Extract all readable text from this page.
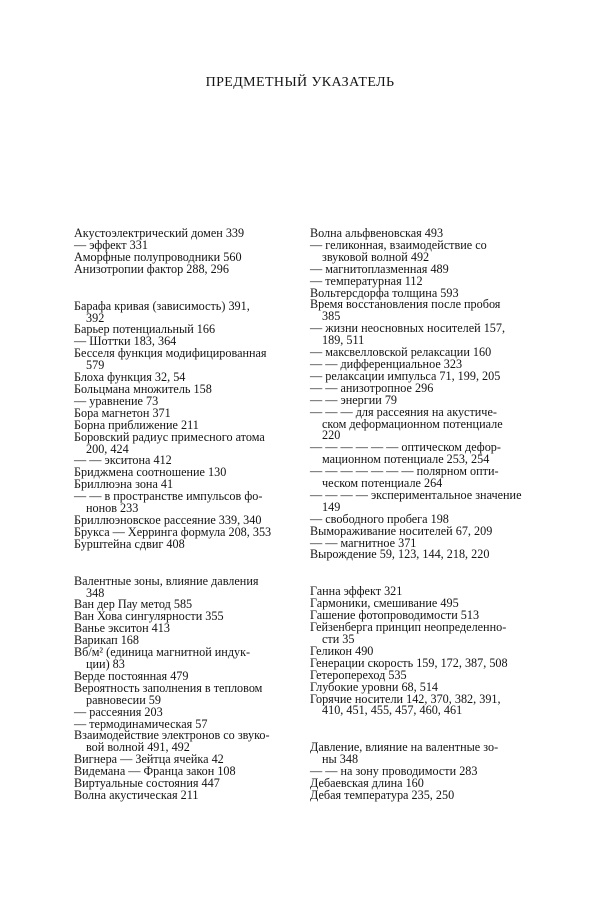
ПРЕДМЕТНЫЙ УКАЗАТЕЛЬ
Акустоэлектрический домен 339
— эффект 331
Аморфные полупроводники 560
Анизотропии фактор 288, 296
Барафа кривая (зависимость) 391,
392
Барьер потенциальный 166
— Шоттки 183, 364
Бесселя функция модифицированная
579
Блоха функция 32, 54
Больцмана множитель 158
— уравнение 73
Бора магнетон 371
Борна приближение 211
Боровский радиус примесного атома
200, 424
— — экситона 412
Бриджмена соотношение 130
Бриллюэна зона 41
— — в пространстве импульсов фо-
нонов 233
Бриллюэновское рассеяние 339, 340
Брукса — Херринга формула 208, 353
Бурштейна сдвиг 408
Валентные зоны, влияние давления
348
Ван дер Пау метод 585
Ван Хова сингулярности 355
Ванье экситон 413
Варикап 168
Вб/м² (единица магнитной индук-
ции) 83
Верде постоянная 479
Вероятность заполнения в тепловом
равновесии 59
— рассеяния 203
— термодинамическая 57
Взаимодействие электронов со звуко-
вой волной 491, 492
Вигнера — Зейтца ячейка 42
Видемана — Франца закон 108
Виртуальные состояния 447
Волна акустическая 211
Волна альфвеновская 493
— геликонная, взаимодействие со
звуковой волной 492
— магнитоплазменная 489
— температурная 112
Вольтерсдорфа толщина 593
Время восстановления после пробоя
385
— жизни неосновных носителей 157,
189, 511
— максвелловской релаксации 160
— — дифференциальное 323
— релаксации импульса 71, 199, 205
— — анизотропное 296
— — энергии 79
— — — для рассеяния на акустиче-
ском деформационном потенциале
220
— — — — — — оптическом дефор-
мационном потенциале 253, 254
— — — — — — — полярном опти-
ческом потенциале 264
— — — — экспериментальное значение
149
— свободного пробега 198
Вымораживание носителей 67, 209
— — магнитное 371
Вырождение 59, 123, 144, 218, 220
Ганна эффект 321
Гармоники, смешивание 495
Гашение фотопроводимости 513
Гейзенберга принцип неопределенно-
сти 35
Геликон 490
Генерации скорость 159, 172, 387, 508
Гетеропереход 535
Глубокие уровни 68, 514
Горячие носители 142, 370, 382, 391,
410, 451, 455, 457, 460, 461
Давление, влияние на валентные зо-
ны 348
— — на зону проводимости 283
Дебаевская длина 160
Дебая температура 235, 250
